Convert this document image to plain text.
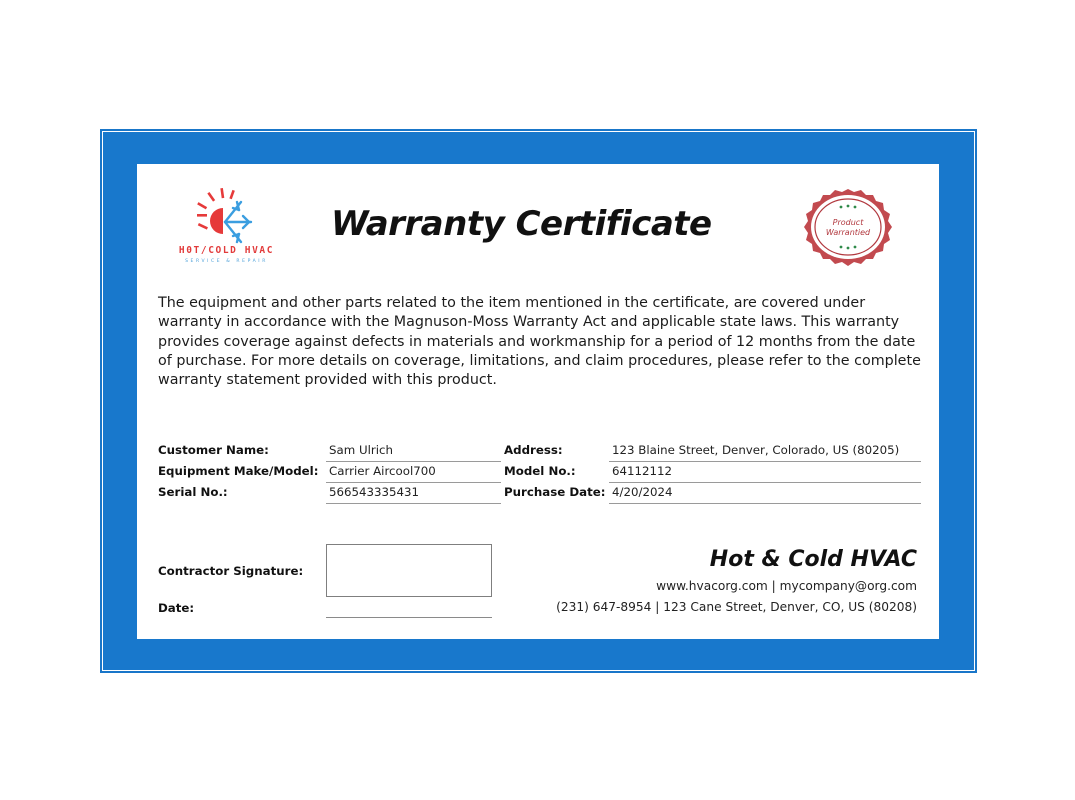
H0T/COLD HVAC
SERVICE & REPAIR
Warranty Certificate	Product
Warrantied
The equipment and other parts related to the item mentioned in the certificate, are covered under warranty in accordance with the Magnuson-Moss Warranty Act and applicable state laws. This warranty provides coverage against defects in materials and workmanship for a period of 12 months from the date of purchase. For more details on coverage, limitations, and claim procedures, please refer to the complete warranty statement provided with this product.
Customer Name:	Sam Ulrich	Address:	123 Blaine Street, Denver, Colorado, US (80205)
Equipment Make/Model: Carrier Aircool700	Model No.:	64112112
Serial No.:	566543335431	Purchase Date: 4/20/2024
Contractor Signature:
Date:
Hot & Cold HVAC
www.hvacorg.com | mycompany@org.com
(231) 647-8954 | 123 Cane Street, Denver, CO, US (80208)
